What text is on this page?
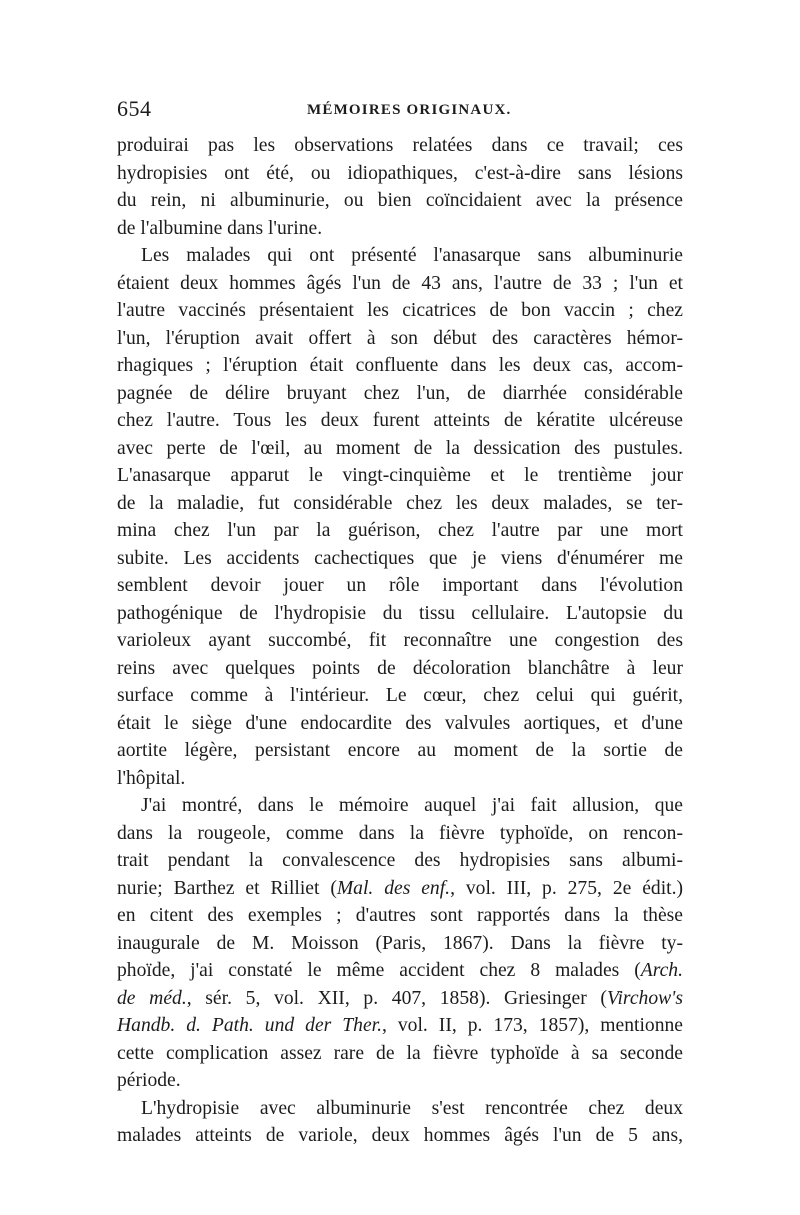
654	MÉMOIRES ORIGINAUX.
produirai pas les observations relatées dans ce travail; ces
hydropisies ont été, ou idiopathiques, c'est-à-dire sans lésions
du rein, ni albuminurie, ou bien coïncidaient avec la présence
de l'albumine dans l'urine.
Les malades qui ont présenté l'anasarque sans albuminurie
étaient deux hommes âgés l'un de 43 ans, l'autre de 33 ; l'un et
l'autre vaccinés présentaient les cicatrices de bon vaccin ; chez
l'un, l'éruption avait offert à son début des caractères hémor-
rhagiques ; l'éruption était confluente dans les deux cas, accom-
pagnée de délire bruyant chez l'un, de diarrhée considérable
chez l'autre. Tous les deux furent atteints de kératite ulcéreuse
avec perte de l'œil, au moment de la dessication des pustules.
L'anasarque apparut le vingt-cinquième et le trentième jour
de la maladie, fut considérable chez les deux malades, se ter-
mina chez l'un par la guérison, chez l'autre par une mort
subite. Les accidents cachectiques que je viens d'énumérer me
semblent devoir jouer un rôle important dans l'évolution
pathogénique de l'hydropisie du tissu cellulaire. L'autopsie du
varioleux ayant succombé, fit reconnaître une congestion des
reins avec quelques points de décoloration blanchâtre à leur
surface comme à l'intérieur. Le cœur, chez celui qui guérit,
était le siège d'une endocardite des valvules aortiques, et d'une
aortite légère, persistant encore au moment de la sortie de
l'hôpital.
J'ai montré, dans le mémoire auquel j'ai fait allusion, que
dans la rougeole, comme dans la fièvre typhoïde, on rencon-
trait pendant la convalescence des hydropisies sans albumi-
nurie; Barthez et Rilliet (Mal. des enf., vol. III, p. 275, 2e édit.)
en citent des exemples ; d'autres sont rapportés dans la thèse
inaugurale de M. Moisson (Paris, 1867). Dans la fièvre ty-
phoïde, j'ai constaté le même accident chez 8 malades (Arch.
de méd., sér. 5, vol. XII, p. 407, 1858). Griesinger (Virchow's
Handb. d. Path. und der Ther., vol. II, p. 173, 1857), mentionne
cette complication assez rare de la fièvre typhoïde à sa seconde
période.
L'hydropisie avec albuminurie s'est rencontrée chez deux
malades atteints de variole, deux hommes âgés l'un de 5 ans,
